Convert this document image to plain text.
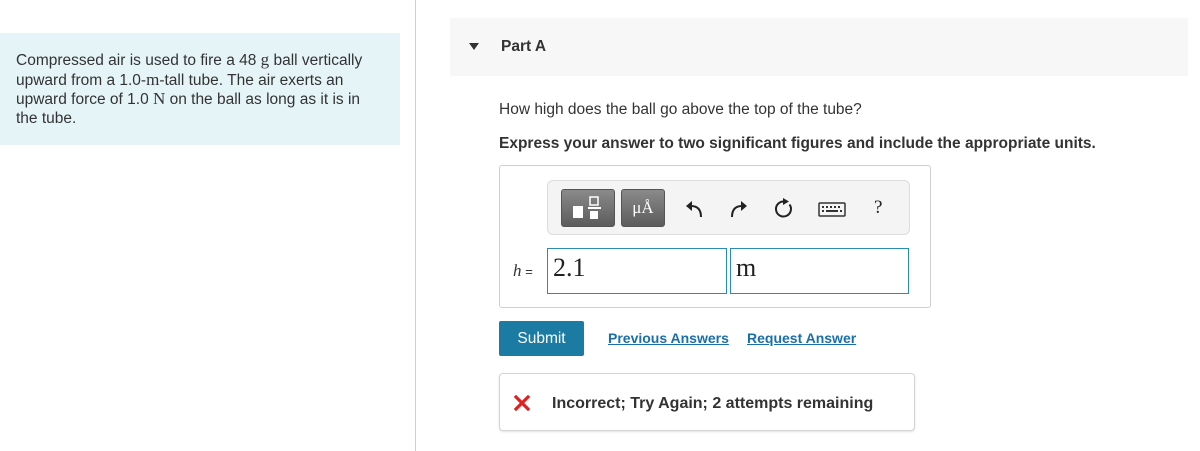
Compressed air is used to fire a 48 g ball vertically upward from a 1.0-m-tall tube. The air exerts an upward force of 1.0 N on the ball as long as it is in the tube.
Part A
How high does the ball go above the top of the tube?
Express your answer to two significant figures and include the appropriate units.
μÅ	?
h = 2.1	m
Submit	Previous Answers Request Answer
Incorrect; Try Again; 2 attempts remaining
